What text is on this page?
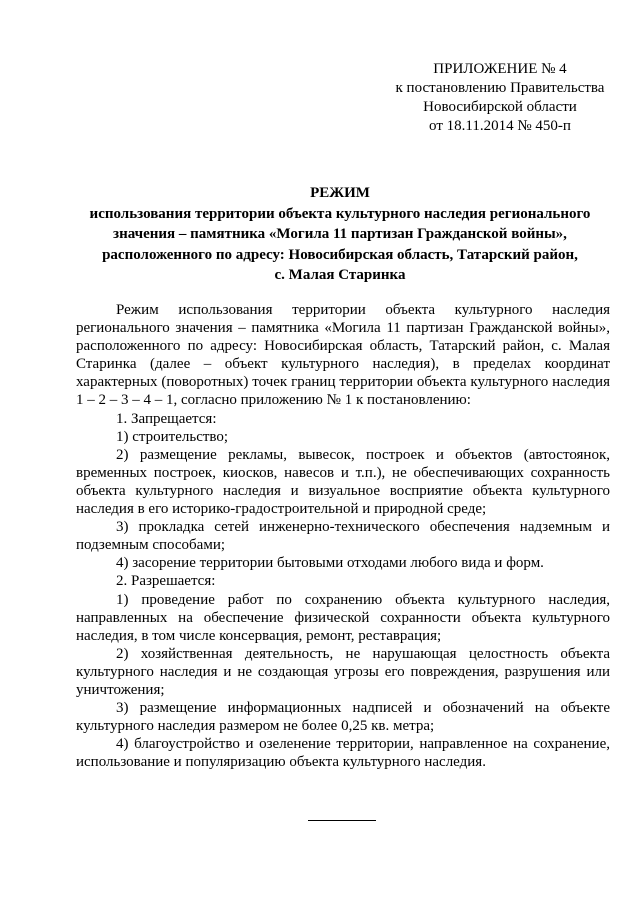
ПРИЛОЖЕНИЕ № 4
к постановлению Правительства
Новосибирской области
от 18.11.2014 № 450-п
РЕЖИМ
использования территории объекта культурного наследия регионального
значения – памятника «Могила 11 партизан Гражданской войны»,
расположенного по адресу: Новосибирская область, Татарский район,
с. Малая Старинка

Режим использования территории объекта культурного наследия регионального значения – памятника «Могила 11 партизан Гражданской войны», расположенного по адресу: Новосибирская область, Татарский район, с. Малая Старинка (далее – объект культурного наследия), в пределах координат характерных (поворотных) точек границ территории объекта культурного наследия 1 – 2 – 3 – 4 – 1, согласно приложению № 1 к постановлению:

1. Запрещается:

1) строительство;

2) размещение рекламы, вывесок, построек и объектов (автостоянок, временных построек, киосков, навесов и т.п.), не обеспечивающих сохранность объекта культурного наследия и визуальное восприятие объекта культурного наследия в его историко-градостроительной и природной среде;

3) прокладка сетей инженерно-технического обеспечения надземным и подземным способами;

4) засорение территории бытовыми отходами любого вида и форм.

2. Разрешается:

1) проведение работ по сохранению объекта культурного наследия, направленных на обеспечение физической сохранности объекта культурного наследия, в том числе консервация, ремонт, реставрация;

2) хозяйственная деятельность, не нарушающая целостность объекта культурного наследия и не создающая угрозы его повреждения, разрушения или уничтожения;

3) размещение информационных надписей и обозначений на объекте культурного наследия размером не более 0,25 кв. метра;

4) благоустройство и озеленение территории, направленное на сохранение, использование и популяризацию объекта культурного наследия.
